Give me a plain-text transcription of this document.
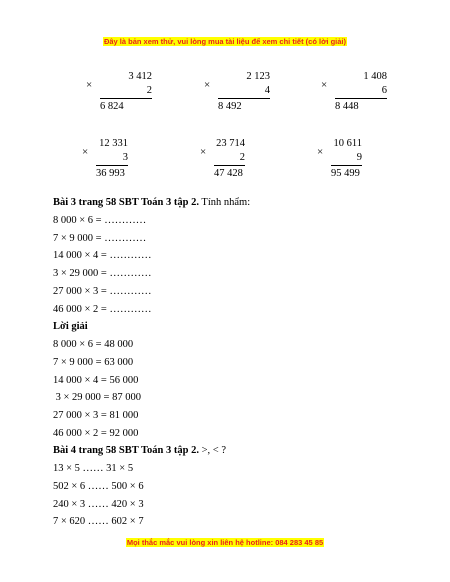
Đây là bản xem thử, vui lòng mua tài liệu để xem chi tiết (có lời giải)
×
3 412
2
6 824
×
2 123
4
8 492
×
1 408
6
8 448
×
12 331
3
36 993
×
23 714
2
47 428
×
10 611
9
95 499
Bài 3 trang 58 SBT Toán 3 tập 2. Tính nhẩm:
8 000 × 6 = …………
7 × 9 000 = …………
14 000 × 4 = …………
3 × 29 000 = …………
27 000 × 3 = …………
46 000 × 2 = …………
Lời giải
8 000 × 6 = 48 000
7 × 9 000 = 63 000
14 000 × 4 = 56 000
3 × 29 000 = 87 000
27 000 × 3 = 81 000
46 000 × 2 = 92 000
Bài 4 trang 58 SBT Toán 3 tập 2. >, < ?
13 × 5 …… 31 × 5
502 × 6 …… 500 × 6
240 × 3 …… 420 × 3
7 × 620 …… 602 × 7
Mọi thắc mắc vui lòng xin liên hệ hotline: 084 283 45 85
